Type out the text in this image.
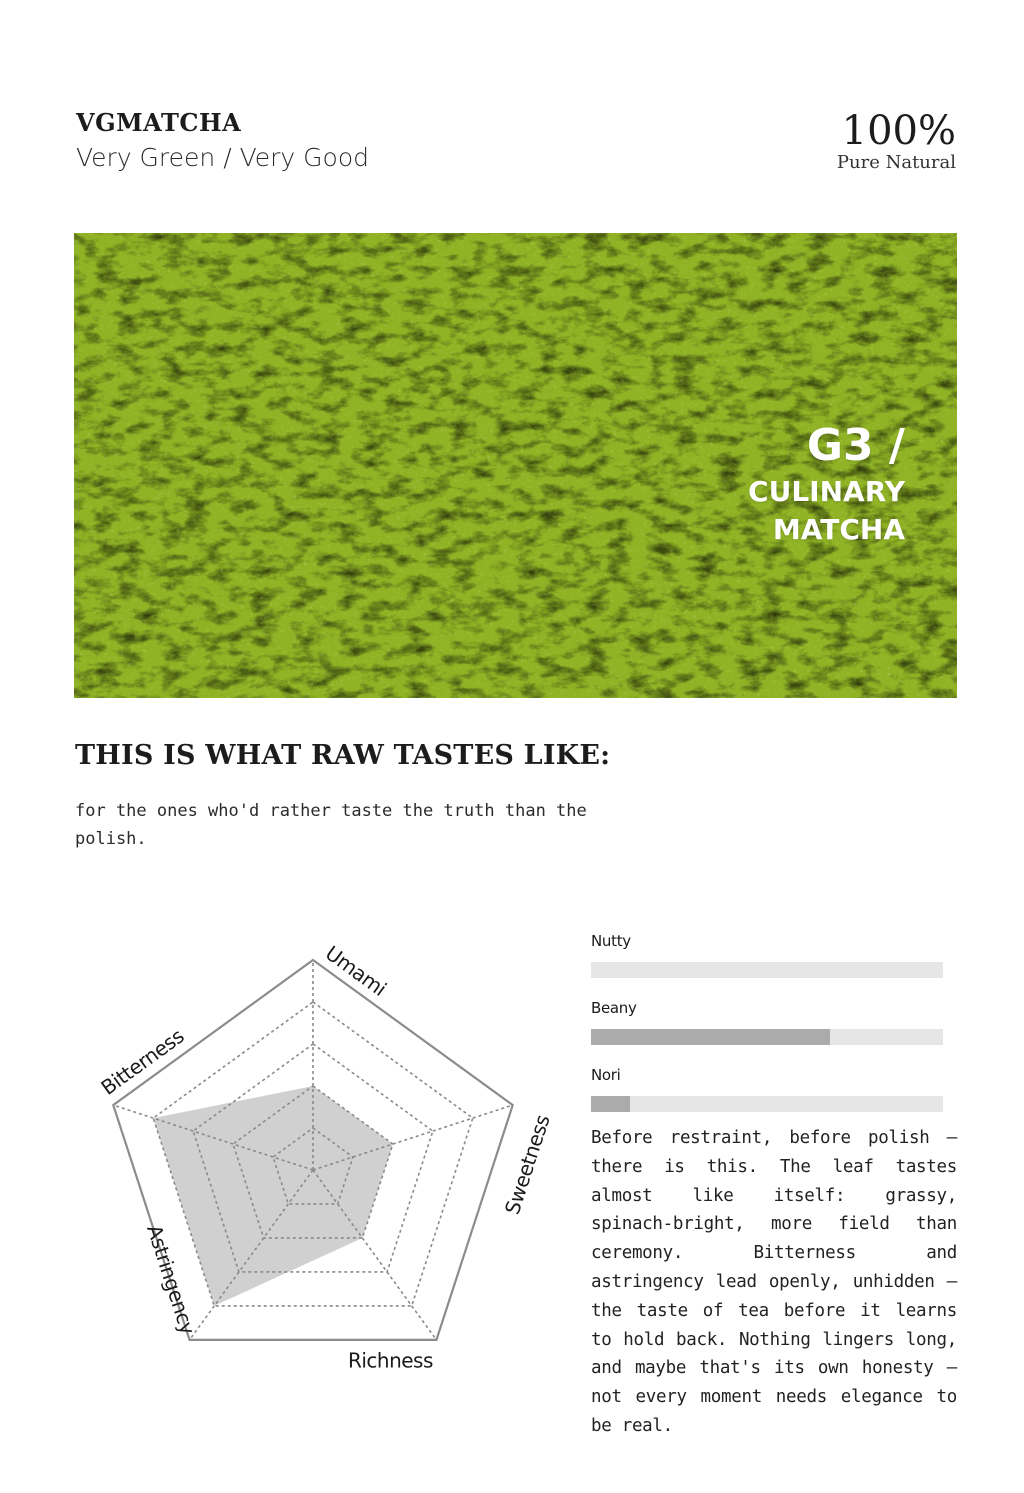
VGMATCHA
Very Green / Very Good
100%
Pure Natural
G3 /
CULINARY
MATCHA
THIS IS WHAT RAW TASTES LIKE:
for the ones who'd rather taste the truth than the polish.
Umami
Sweetness
Richness
Astringency
Bitterness
Nutty
Beany
Nori
Before restraint, before polish — there is this. The leaf tastes almost like itself: grassy, spinach-bright, more field than ceremony. Bitterness and astringency lead openly, unhidden — the taste of tea before it learns to hold back. Nothing lingers long, and maybe that's its own honesty — not every moment needs elegance to be real.
